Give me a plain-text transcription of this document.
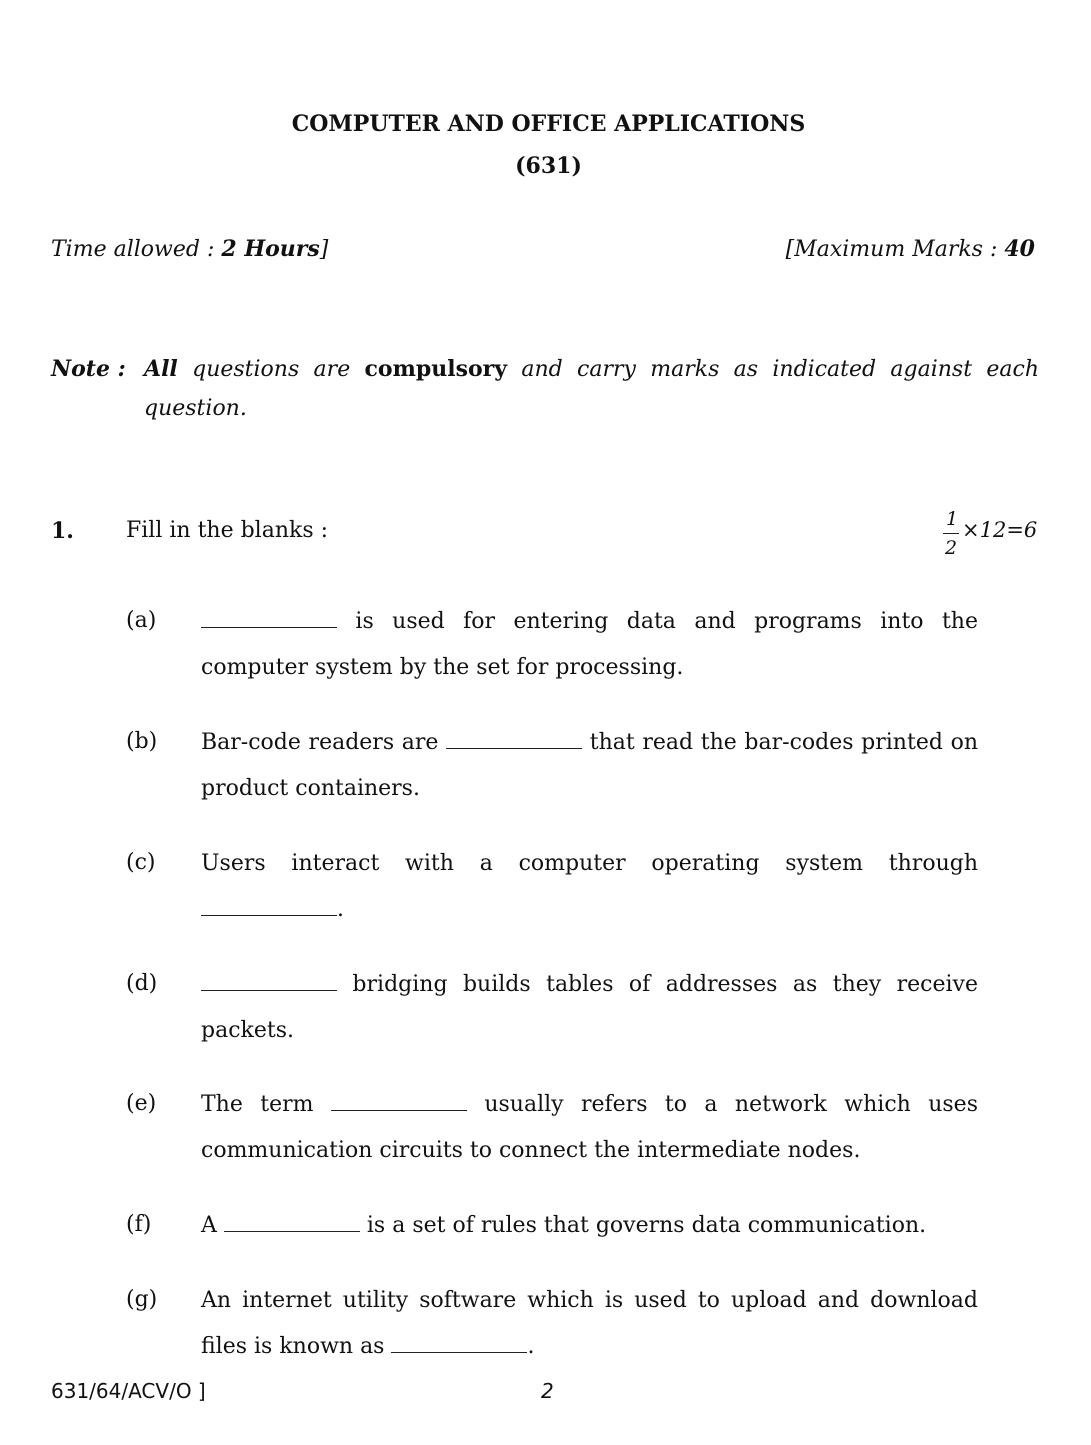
COMPUTER AND OFFICE APPLICATIONS
(631)
Time allowed : 2 Hours]	[Maximum Marks : 40
Note : All questions are compulsory and carry marks as indicated against each question.
1. Fill in the blanks :	1
2
×12=6
(a)	is used for entering data and programs into the computer system by the set for processing.
(b) Bar-code readers are	that read the bar-codes printed on product containers.
(c) Users interact with a computer operating system through
.
(d)	bridging builds tables of addresses as they receive packets.
(e) The term	usually refers to a network which uses communication circuits to connect the intermediate nodes.
(f) A	is a set of rules that governs data communication.
(g) An internet utility software which is used to upload and download files is known as	.
631/64/ACV/O ]	2
